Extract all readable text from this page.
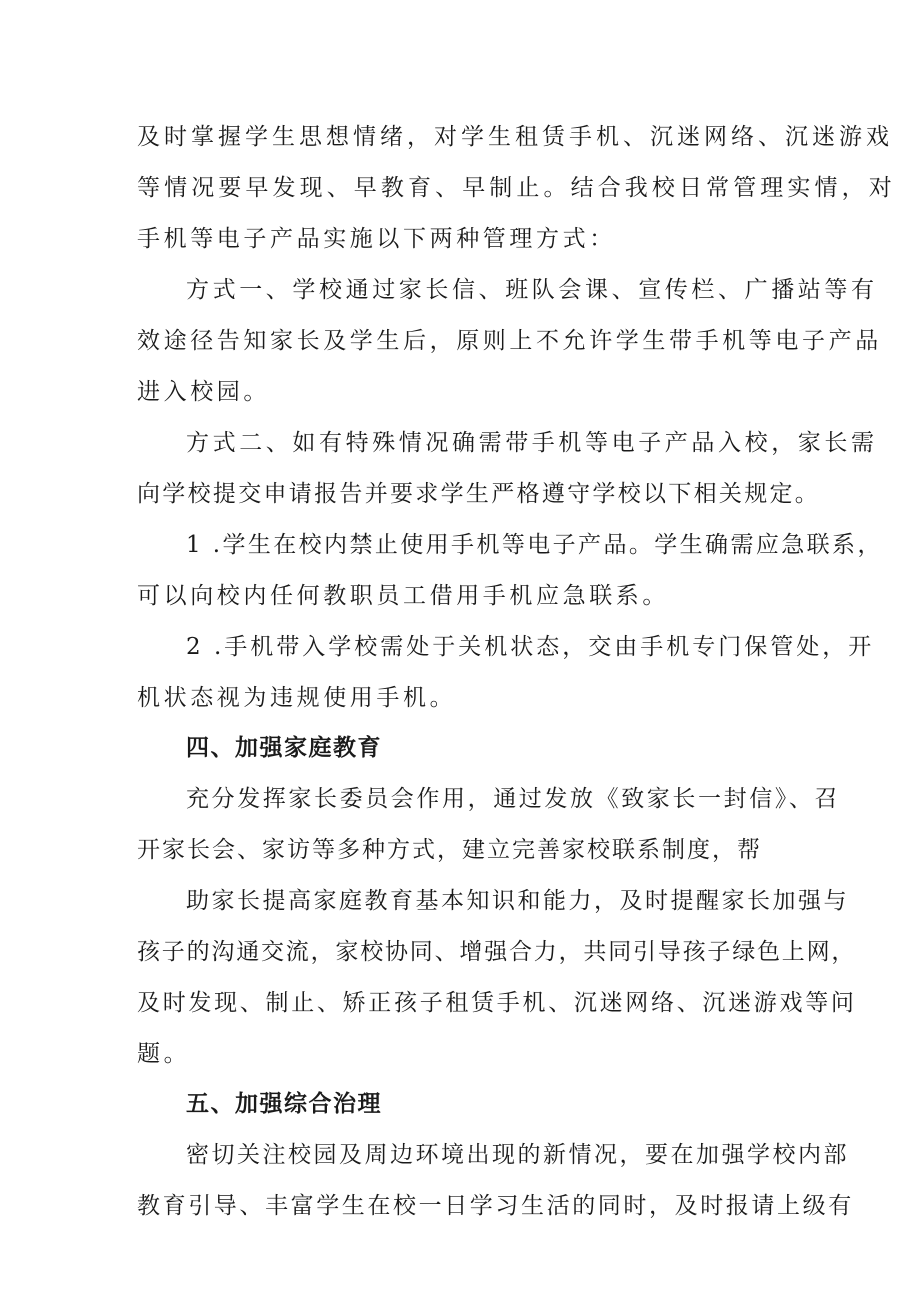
及时掌握学生思想情绪，对学生租赁手机、沉迷网络、沉迷游戏
等情况要早发现、早教育、早制止。结合我校日常管理实情，对
手机等电子产品实施以下两种管理方式：
方式一、学校通过家长信、班队会课、宣传栏、广播站等有
效途径告知家长及学生后，原则上不允许学生带手机等电子产品
进入校园。
方式二、如有特殊情况确需带手机等电子产品入校，家长需
向学校提交申请报告并要求学生严格遵守学校以下相关规定。
1 .学生在校内禁止使用手机等电子产品。学生确需应急联系，
可以向校内任何教职员工借用手机应急联系。
2 .手机带入学校需处于关机状态，交由手机专门保管处，开
机状态视为违规使用手机。
四、加强家庭教育
充分发挥家长委员会作用，通过发放《致家长一封信》、召
开家长会、家访等多种方式，建立完善家校联系制度，帮
助家长提高家庭教育基本知识和能力，及时提醒家长加强与
孩子的沟通交流，家校协同、增强合力，共同引导孩子绿色上网，
及时发现、制止、矫正孩子租赁手机、沉迷网络、沉迷游戏等问
题。
五、加强综合治理
密切关注校园及周边环境出现的新情况，要在加强学校内部
教育引导、丰富学生在校一日学习生活的同时，及时报请上级有
